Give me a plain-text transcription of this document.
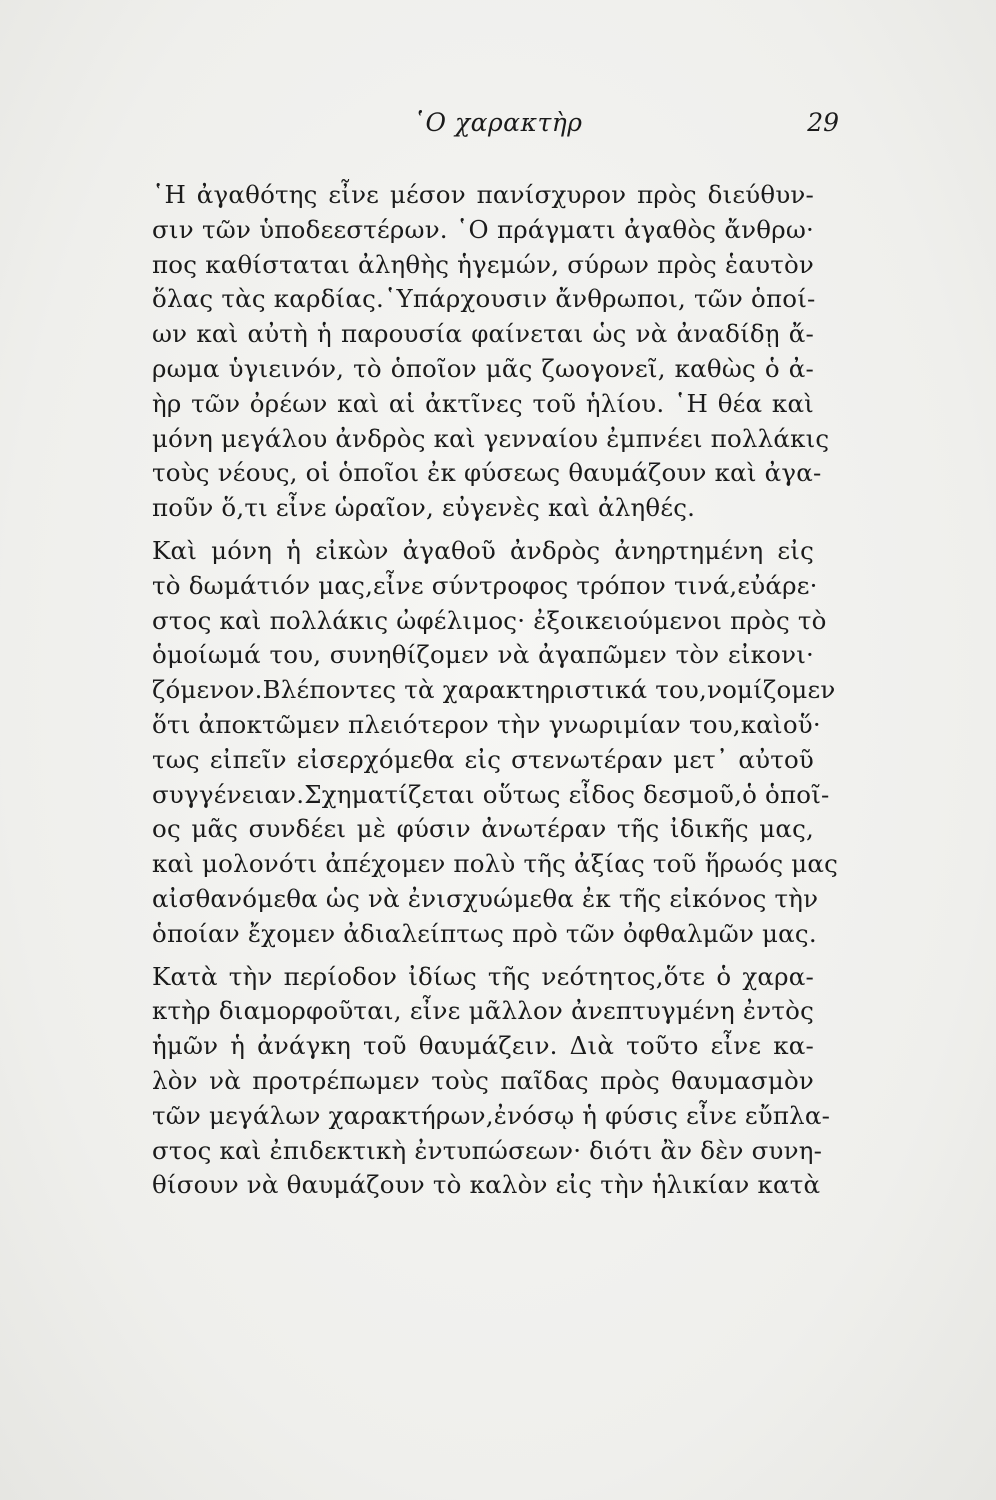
῾Ο χαρακτὴρ	29
῾Η ἀγαθότης εἶνε μέσον πανίσχυρον πρὸς διεύθυν-
σιν τῶν ὑποδεεστέρων. ῾Ο πράγματι ἀγαθὸς ἄνθρω·
πος καθίσταται ἀληθὴς ἡγεμών, σύρων πρὸς ἑαυτὸν
ὅλας τὰς καρδίας.῾Υπάρχουσιν ἄνθρωποι, τῶν ὁποί-
ων καὶ αὐτὴ ἡ παρουσία φαίνεται ὡς νὰ ἀναδίδῃ ἄ-
ρωμα ὑγιεινόν, τὸ ὁποῖον μᾶς ζωογονεῖ, καθὼς ὁ ἀ-
ὴρ τῶν ὀρέων καὶ αἱ ἀκτῖνες τοῦ ἡλίου. ῾Η θέα καὶ
μόνη μεγάλου ἀνδρὸς καὶ γενναίου ἐμπνέει πολλάκις
τοὺς νέους, οἱ ὁποῖοι ἐκ φύσεως θαυμάζουν καὶ ἀγα-
ποῦν ὅ,τι εἶνε ὡραῖον, εὐγενὲς καὶ ἀληθές.
Καὶ μόνη ἡ εἰκὼν ἀγαθοῦ ἀνδρὸς ἀνηρτημένη εἰς
τὸ δωμάτιόν μας,εἶνε σύντροφος τρόπον τινά,εὐάρε·
στος καὶ πολλάκις ὠφέλιμος· ἐξοικειούμενοι πρὸς τὸ
ὁμοίωμά του, συνηθίζομεν νὰ ἀγαπῶμεν τὸν εἰκονι·
ζόμενον.Βλέποντες τὰ χαρακτηριστικά του,νομίζομεν
ὅτι ἀποκτῶμεν πλειότερον τὴν γνωριμίαν του,καὶοὕ·
τως εἰπεῖν εἰσερχόμεθα εἰς στενωτέραν μετ᾽ αὐτοῦ
συγγένειαν.Σχηματίζεται οὕτως εἶδος δεσμοῦ,ὁ ὁποῖ-
ος μᾶς συνδέει μὲ φύσιν ἀνωτέραν τῆς ἰδικῆς μας,
καὶ μολονότι ἀπέχομεν πολὺ τῆς ἀξίας τοῦ ἥρωός μας
αἰσθανόμεθα ὡς νὰ ἐνισχυώμεθα ἐκ τῆς εἰκόνος τὴν
ὁποίαν ἔχομεν ἀδιαλείπτως πρὸ τῶν ὀφθαλμῶν μας.
Κατὰ τὴν περίοδον ἰδίως τῆς νεότητος,ὅτε ὁ χαρα-
κτὴρ διαμορφοῦται, εἶνε μᾶλλον ἀνεπτυγμένη ἐντὸς
ἡμῶν ἡ ἀνάγκη τοῦ θαυμάζειν. Διὰ τοῦτο εἶνε κα-
λὸν νὰ προτρέπωμεν τοὺς παῖδας πρὸς θαυμασμὸν
τῶν μεγάλων χαρακτήρων,ἐνόσῳ ἡ φύσις εἶνε εὔπλα-
στος καὶ ἐπιδεκτικὴ ἐντυπώσεων· διότι ἂν δὲν συνη-
θίσουν νὰ θαυμάζουν τὸ καλὸν εἰς τὴν ἡλικίαν κατὰ
